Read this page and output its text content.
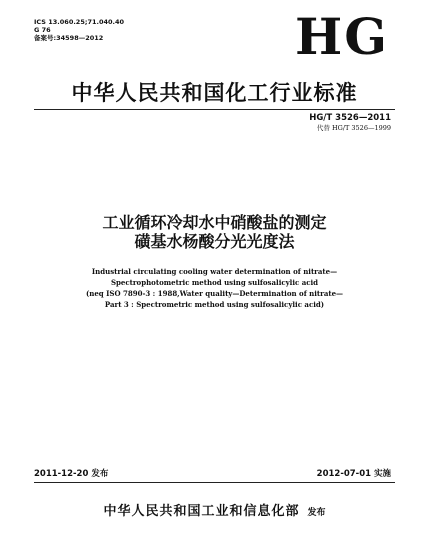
ICS 13.060.25;71.040.40
G 76
备案号:34598—2012	HG
中华人民共和国化工行业标准
HG/T 3526—2011
代替 HG/T 3526—1999
工业循环冷却水中硝酸盐的测定
磺基水杨酸分光光度法
Industrial circulating cooling water determination of nitrate—
Spectrophotometric method using sulfosalicylic acid
(neq ISO 7890-3 : 1988,Water quality—Determination of nitrate—
Part 3 : Spectrometric method using sulfosalicylic acid)
2011-12-20 发布	2012-07-01 实施
中华人民共和国工业和信息化部 发布
